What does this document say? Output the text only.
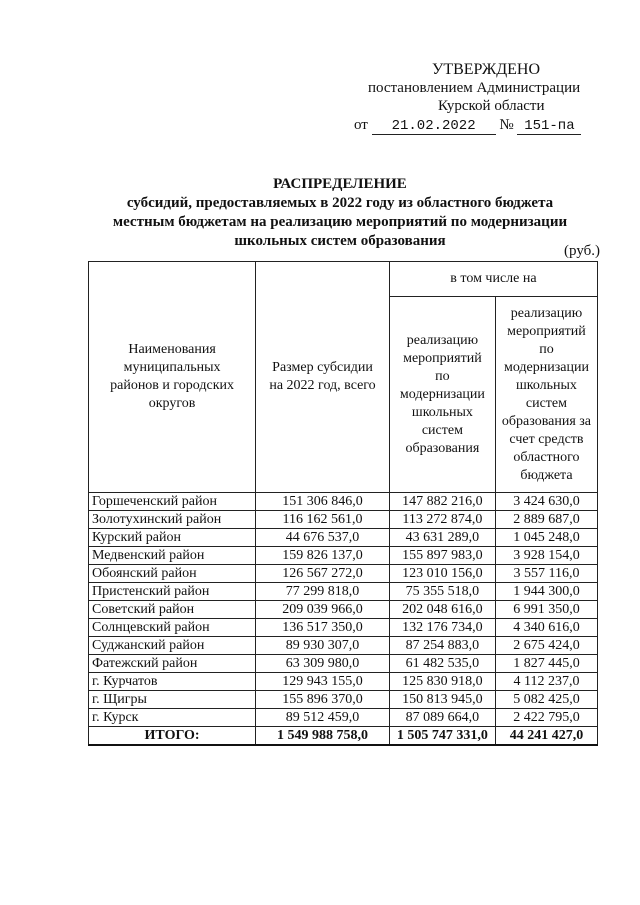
УТВЕРЖДЕНО
постановлением Администрации
Курской области
от 21.02.2022 № 151-па
РАСПРЕДЕЛЕНИЕ
субсидий, предоставляемых в 2022 году из областного бюджета
местным бюджетам на реализацию мероприятий по модернизации
школьных систем образования
(руб.)
Наименования муниципальных районов и городских округов	Размер субсидии на 2022 год, всего	в том числе на	
		реализацию мероприятий по модернизации школьных систем образования	реализацию мероприятий по модернизации школьных систем образования за счет средств областного бюджета
Горшеченский район	151 306 846,0	147 882 216,0	3 424 630,0
Золотухинский район	116 162 561,0	113 272 874,0	2 889 687,0
Курский район	44 676 537,0	43 631 289,0	1 045 248,0
Медвенский район	159 826 137,0	155 897 983,0	3 928 154,0
Обоянский район	126 567 272,0	123 010 156,0	3 557 116,0
Пристенский район	77 299 818,0	75 355 518,0	1 944 300,0
Советский район	209 039 966,0	202 048 616,0	6 991 350,0
Солнцевский район	136 517 350,0	132 176 734,0	4 340 616,0
Суджанский район	89 930 307,0	87 254 883,0	2 675 424,0
Фатежский район	63 309 980,0	61 482 535,0	1 827 445,0
г. Курчатов	129 943 155,0	125 830 918,0	4 112 237,0
г. Щигры	155 896 370,0	150 813 945,0	5 082 425,0
г. Курск	89 512 459,0	87 089 664,0	2 422 795,0
ИТОГО:	1 549 988 758,0	1 505 747 331,0	44 241 427,0
